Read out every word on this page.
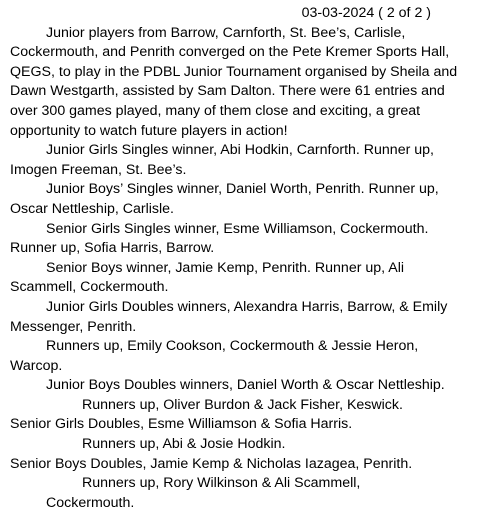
03-03-2024 ( 2 of 2 )

Junior players from Barrow, Carnforth, St. Bee’s, Carlisle, Cockermouth, and Penrith converged on the Pete Kremer Sports Hall, QEGS, to play in the PDBL Junior Tournament organised by Sheila and Dawn Westgarth, assisted by Sam Dalton. There were 61 entries and over 300 games played, many of them close and exciting, a great opportunity to watch future players in action!

Junior Girls Singles winner, Abi Hodkin, Carnforth. Runner up, Imogen Freeman, St. Bee’s.

Junior Boys’ Singles winner, Daniel Worth, Penrith. Runner up, Oscar Nettleship, Carlisle.

Senior Girls Singles winner, Esme Williamson, Cockermouth. Runner up, Sofia Harris, Barrow.

Senior Boys winner, Jamie Kemp, Penrith. Runner up, Ali Scammell, Cockermouth.

Junior Girls Doubles winners, Alexandra Harris, Barrow, & Emily Messenger, Penrith.

Runners up, Emily Cookson, Cockermouth & Jessie Heron, Warcop.

Junior Boys Doubles winners, Daniel Worth & Oscar Nettleship.

Runners up, Oliver Burdon & Jack Fisher, Keswick.

Senior Girls Doubles, Esme Williamson & Sofia Harris.

Runners up, Abi & Josie Hodkin.

Senior Boys Doubles, Jamie Kemp & Nicholas Iazagea, Penrith.

Runners up, Rory Wilkinson & Ali Scammell,

Cockermouth.
